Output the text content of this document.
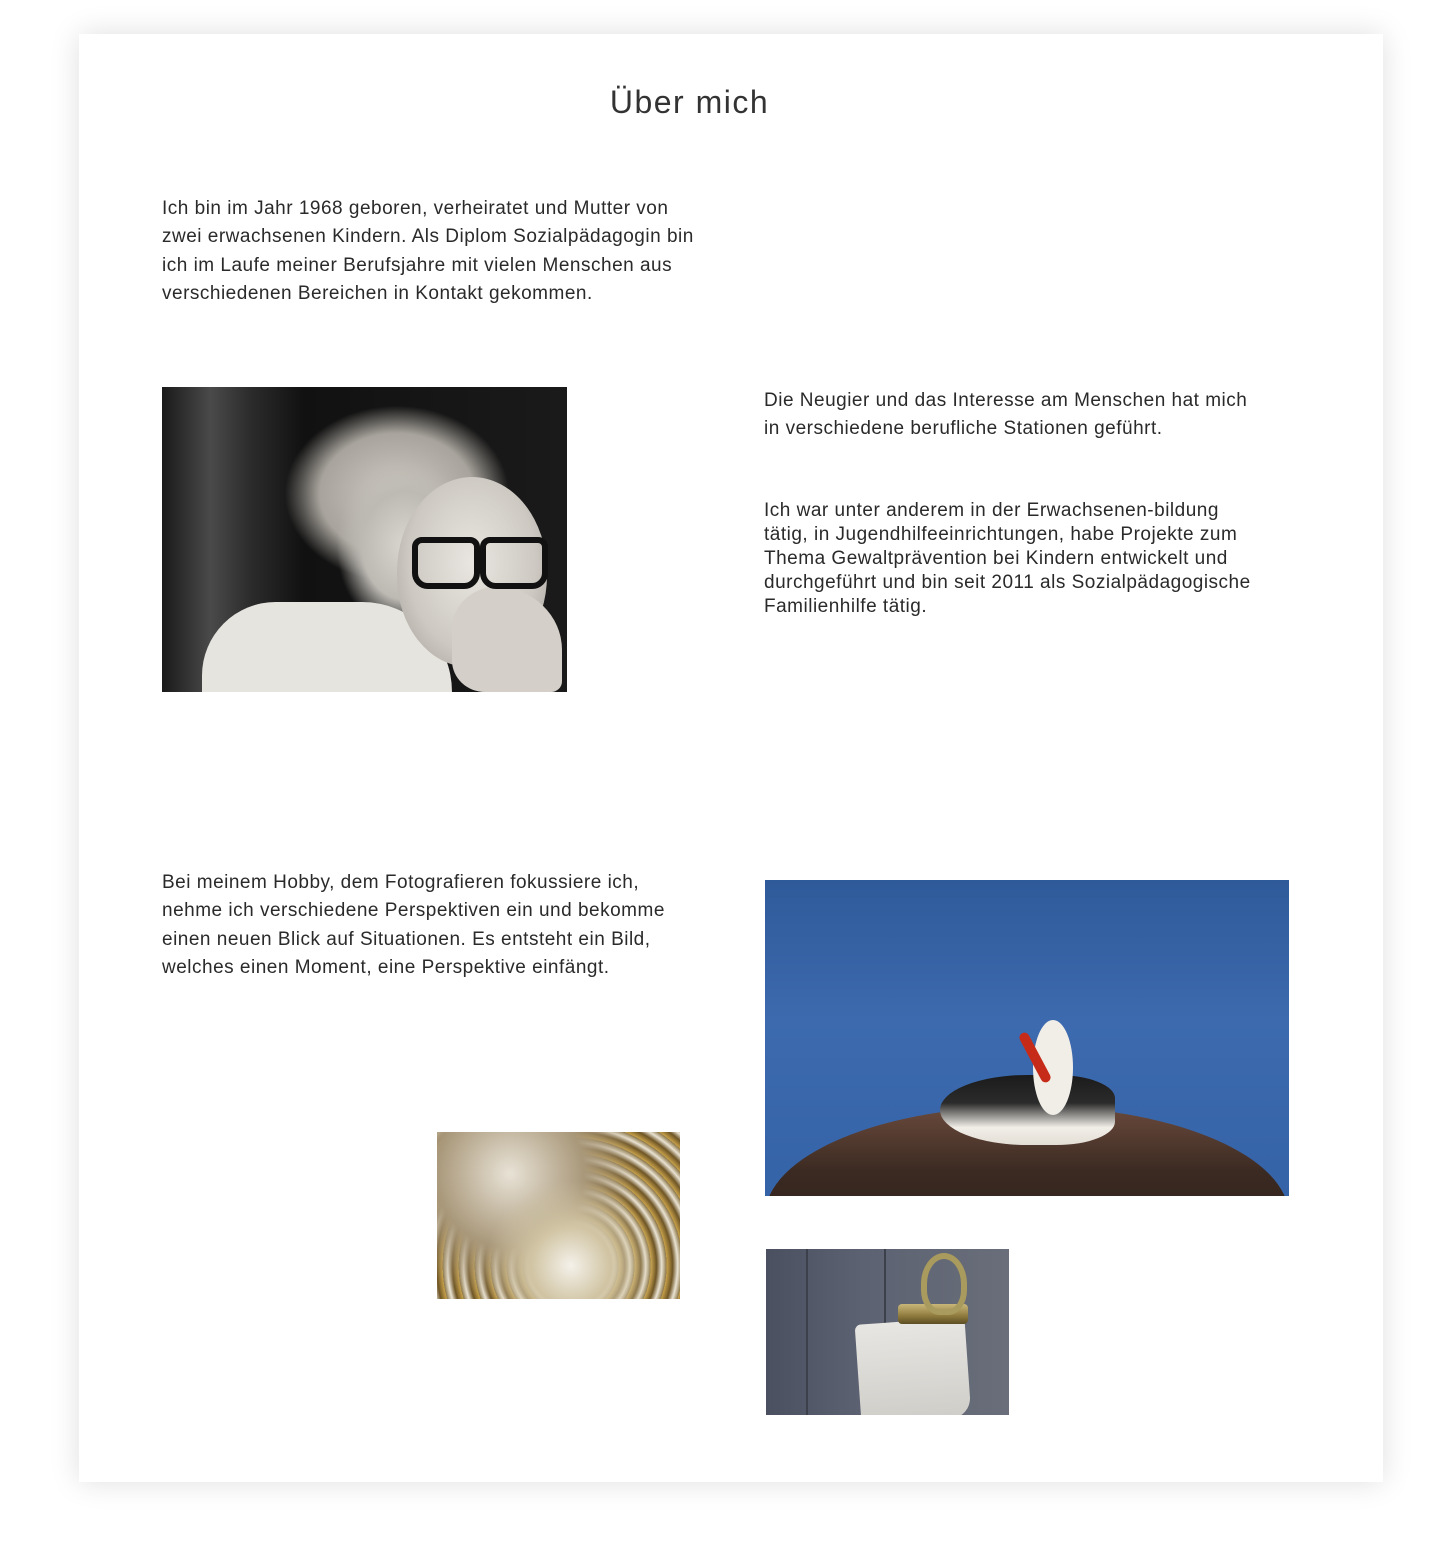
Über mich

Ich bin im Jahr 1968 geboren, verheiratet und Mutter von zwei erwachsenen Kindern. Als Diplom Sozialpädagogin bin ich im Laufe meiner Berufsjahre mit vielen Menschen aus verschiedenen Bereichen in Kontakt gekommen.

Die Neugier und das Interesse am Menschen hat mich in verschiedene berufliche Stationen geführt.

Ich war unter anderem in der Erwachsenen-bildung tätig, in Jugendhilfeeinrichtungen, habe Projekte zum Thema Gewaltprävention bei Kindern entwickelt und durchgeführt und bin seit 2011 als Sozialpädagogische Familienhilfe tätig.

Bei meinem Hobby, dem Fotografieren fokussiere ich, nehme ich verschiedene Perspektiven ein und bekomme einen neuen Blick auf Situationen. Es entsteht ein Bild, welches einen Moment, eine Perspektive einfängt.
